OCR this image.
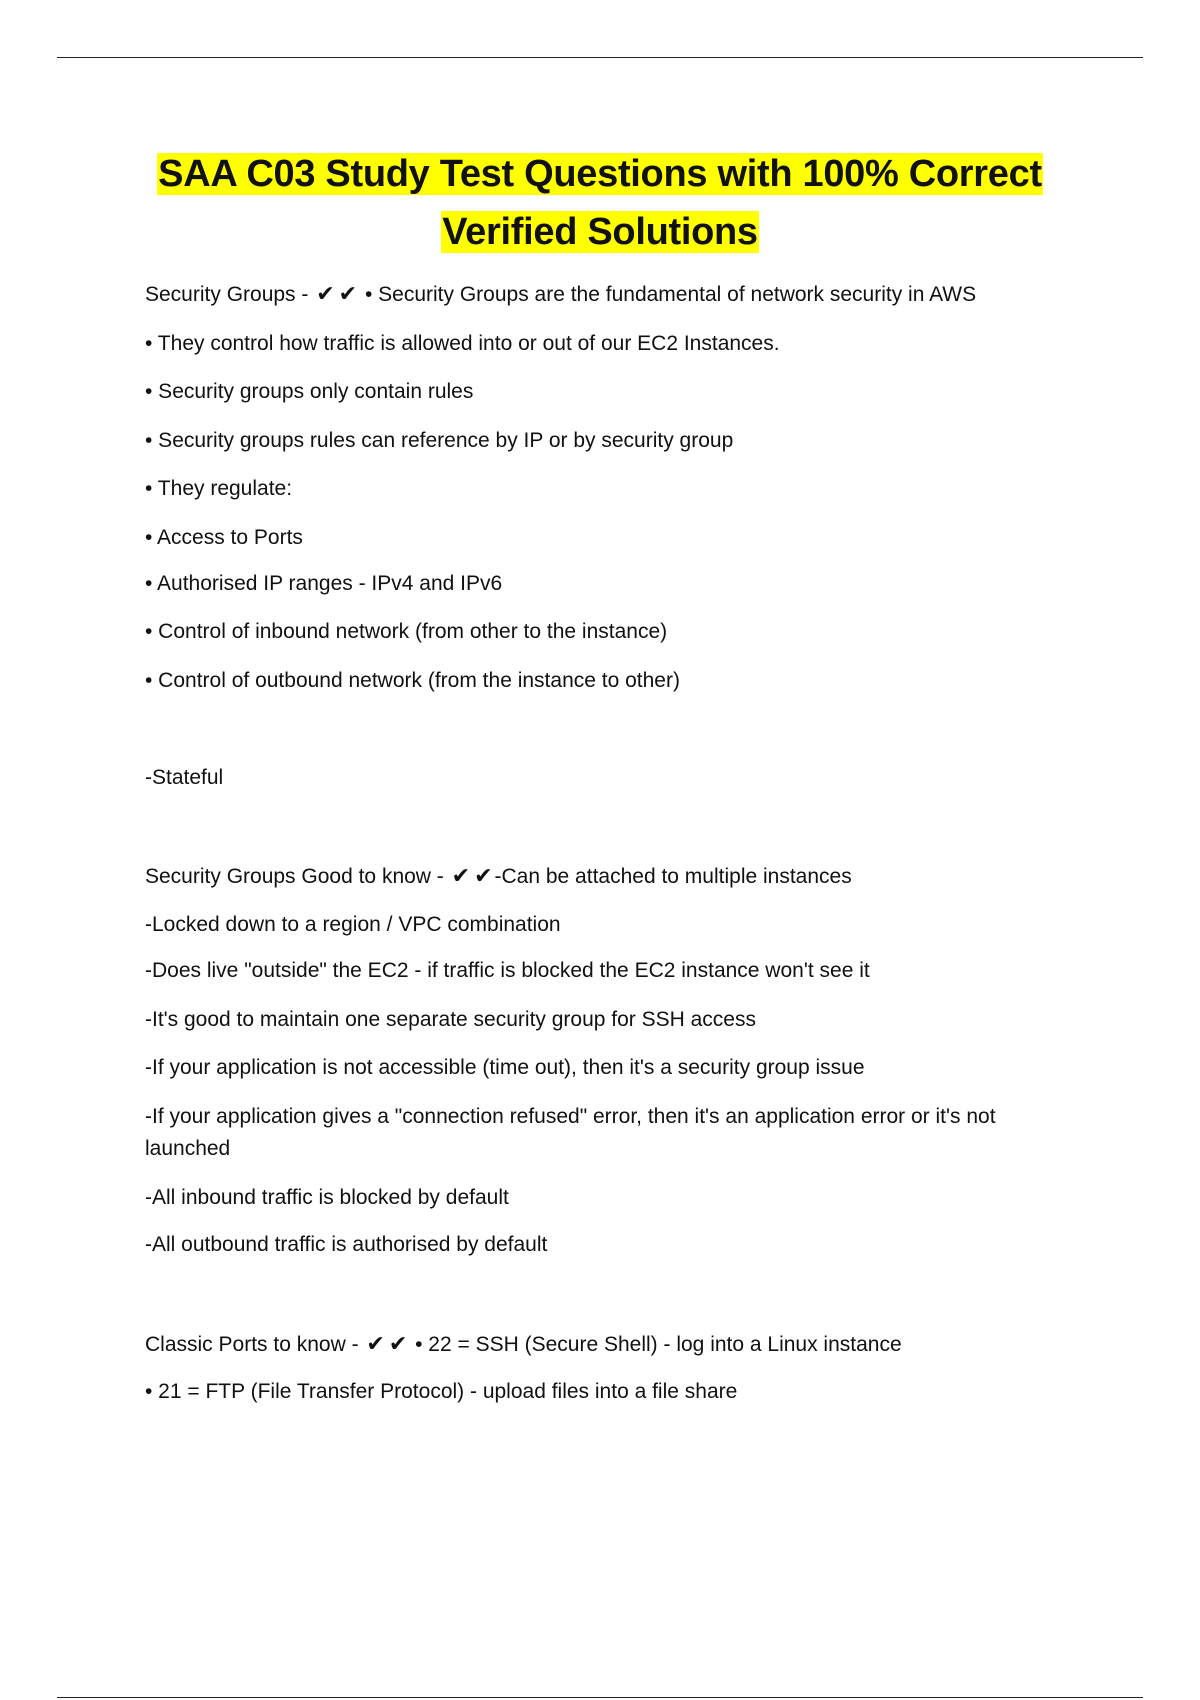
SAA C03 Study Test Questions with 100% Correct
Verified Solutions
Security Groups - ✔ ✔ • Security Groups are the fundamental of network security in AWS
• They control how traffic is allowed into or out of our EC2 Instances.
• Security groups only contain rules
• Security groups rules can reference by IP or by security group
• They regulate:
• Access to Ports
• Authorised IP ranges - IPv4 and IPv6
• Control of inbound network (from other to the instance)
• Control of outbound network (from the instance to other)
-Stateful
Security Groups Good to know - ✔ ✔-Can be attached to multiple instances
-Locked down to a region / VPC combination
-Does live "outside" the EC2 - if traffic is blocked the EC2 instance won't see it
-It's good to maintain one separate security group for SSH access
-If your application is not accessible (time out), then it's a security group issue
-If your application gives a "connection refused" error, then it's an application error or it's not launched
-All inbound traffic is blocked by default
-All outbound traffic is authorised by default
Classic Ports to know - ✔ ✔ • 22 = SSH (Secure Shell) - log into a Linux instance
• 21 = FTP (File Transfer Protocol) - upload files into a file share
